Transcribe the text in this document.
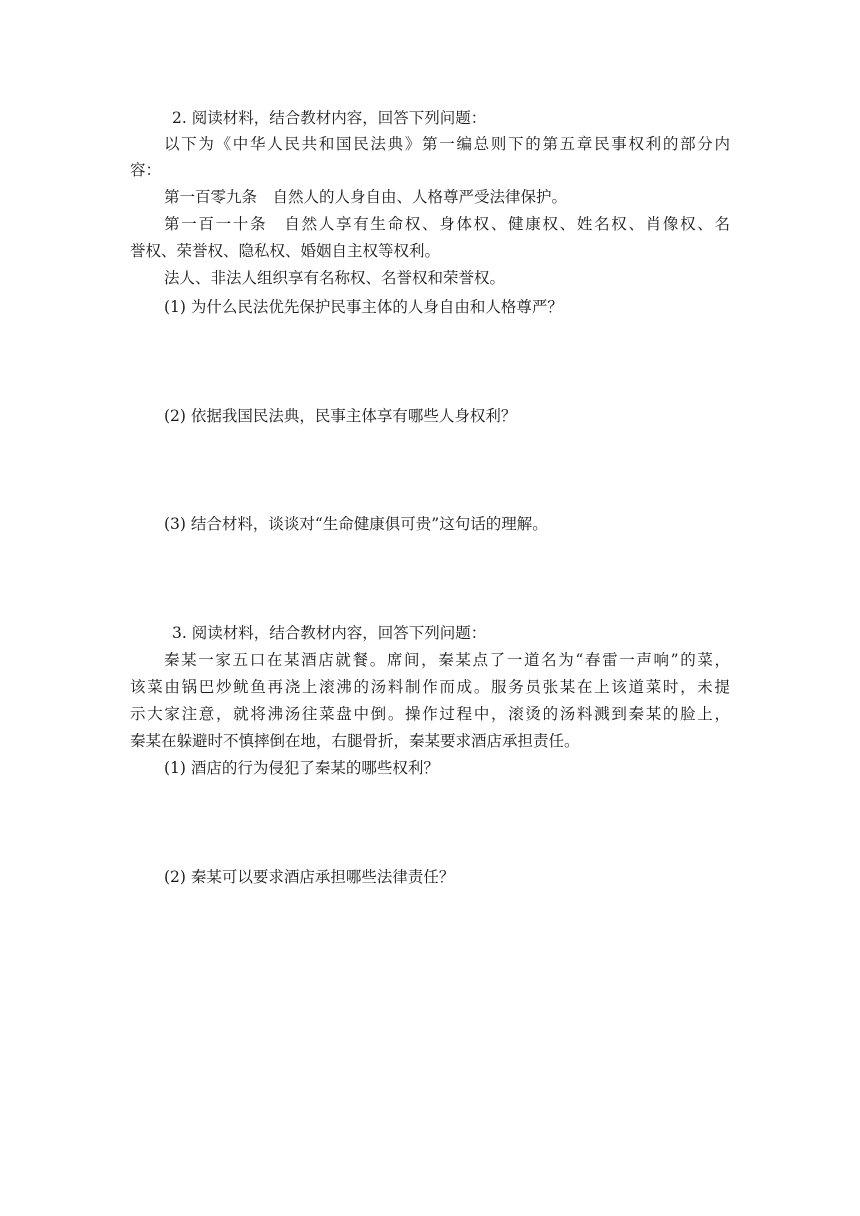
2. 阅读材料，结合教材内容，回答下列问题：
以下为《中华人民共和国民法典》第一编总则下的第五章民事权利的部分内
容：
第一百零九条　自然人的人身自由、人格尊严受法律保护。
第一百一十条　自然人享有生命权、身体权、健康权、姓名权、肖像权、名
誉权、荣誉权、隐私权、婚姻自主权等权利。
法人、非法人组织享有名称权、名誉权和荣誉权。
(1) 为什么民法优先保护民事主体的人身自由和人格尊严？
(2) 依据我国民法典，民事主体享有哪些人身权利？
(3) 结合材料，谈谈对“生命健康俱可贵”这句话的理解。
3. 阅读材料，结合教材内容，回答下列问题：
秦某一家五口在某酒店就餐。席间，秦某点了一道名为“春雷一声响”的菜，
该菜由锅巴炒鱿鱼再浇上滚沸的汤料制作而成。服务员张某在上该道菜时，未提
示大家注意，就将沸汤往菜盘中倒。操作过程中，滚烫的汤料溅到秦某的脸上，
秦某在躲避时不慎摔倒在地，右腿骨折，秦某要求酒店承担责任。
(1) 酒店的行为侵犯了秦某的哪些权利？
(2) 秦某可以要求酒店承担哪些法律责任？
